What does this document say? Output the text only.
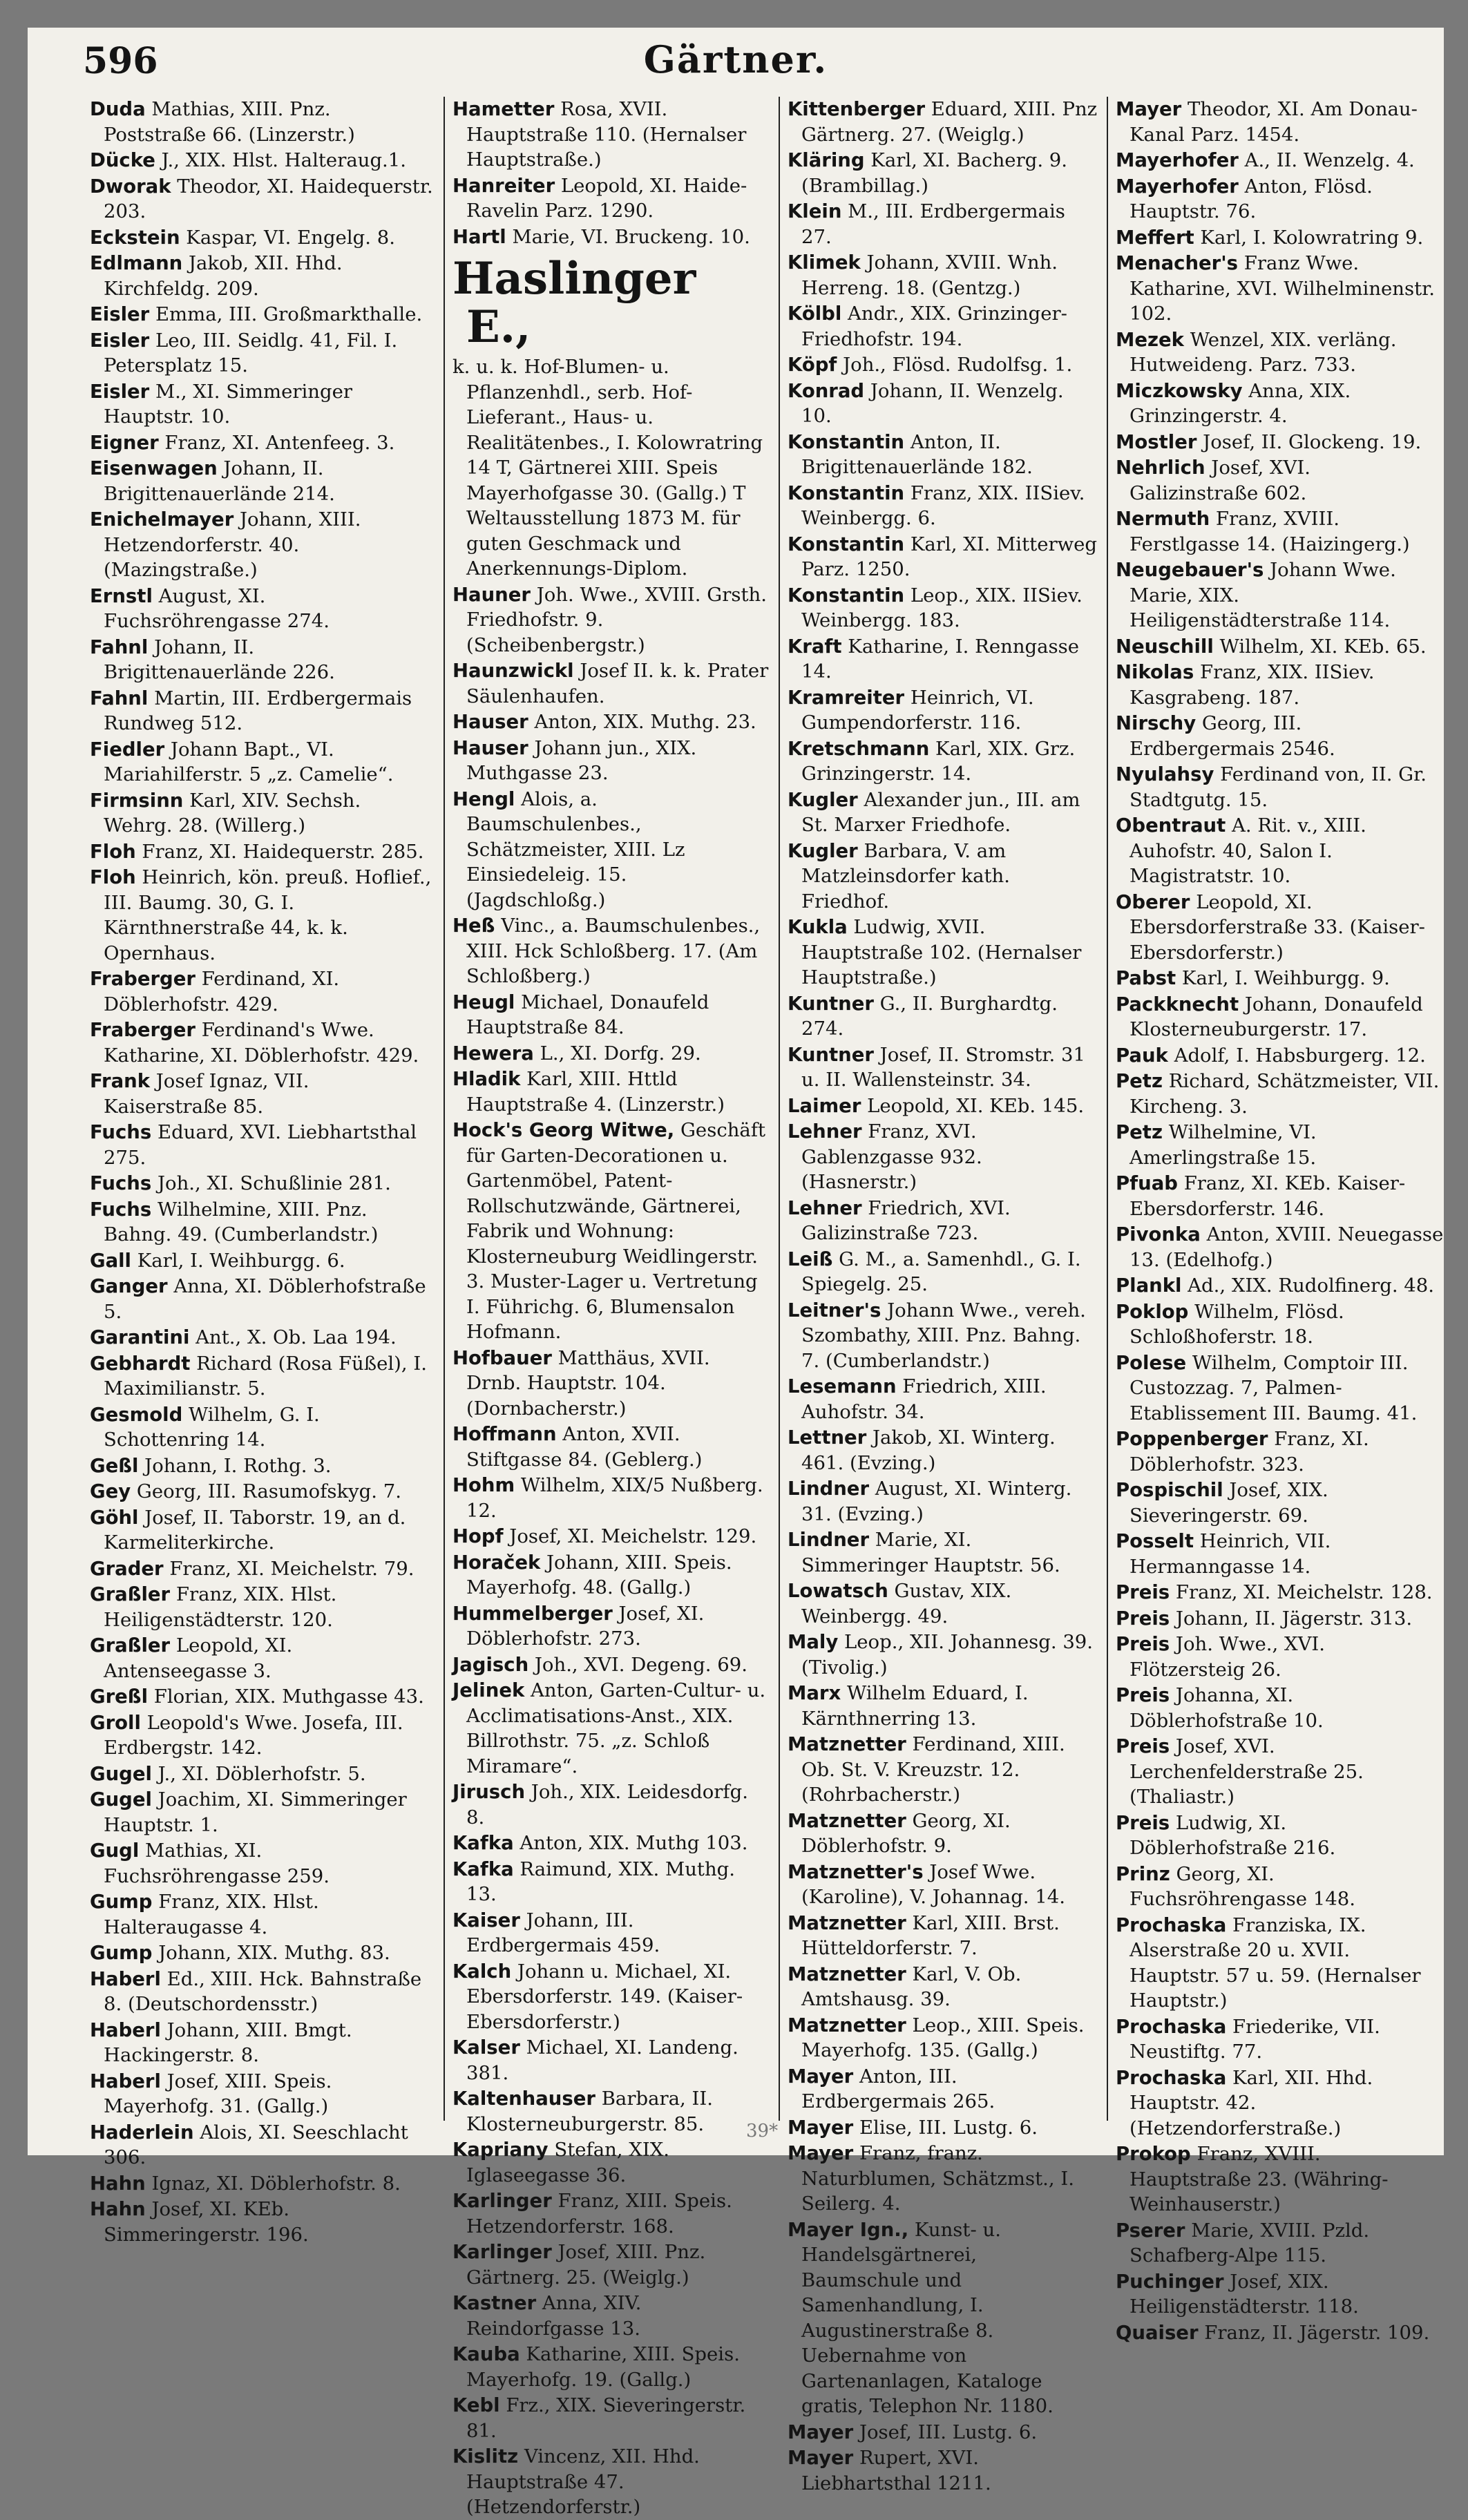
596	Gärtner.
Duda Mathias, XIII. Pnz. Poststraße 66. (Linzerstr.)
Dücke J., XIX. Hlst. Halteraug.1.
Dworak Theodor, XI. Haidequerstr. 203.
Eckstein Kaspar, VI. Engelg. 8.
Edlmann Jakob, XII. Hhd. Kirchfeldg. 209.
Eisler Emma, III. Großmarkthalle.
Eisler Leo, III. Seidlg. 41, Fil. I. Petersplatz 15.
Eisler M., XI. Simmeringer Hauptstr. 10.
Eigner Franz, XI. Antenfeeg. 3.
Eisenwagen Johann, II. Brigittenauerlände 214.
Enichelmayer Johann, XIII. Hetzendorferstr. 40. (Mazingstraße.)
Ernstl August, XI. Fuchsröhrengasse 274.
Fahnl Johann, II. Brigittenauerlände 226.
Fahnl Martin, III. Erdbergermais Rundweg 512.
Fiedler Johann Bapt., VI. Mariahilferstr. 5 „z. Camelie“.
Firmsinn Karl, XIV. Sechsh. Wehrg. 28. (Willerg.)
Floh Franz, XI. Haidequerstr. 285.
Floh Heinrich, kön. preuß. Hoflief., III. Baumg. 30, G. I. Kärnthnerstraße 44, k. k. Opernhaus.
Fraberger Ferdinand, XI. Döblerhofstr. 429.
Fraberger Ferdinand's Wwe. Katharine, XI. Döblerhofstr. 429.
Frank Josef Ignaz, VII. Kaiserstraße 85.
Fuchs Eduard, XVI. Liebhartsthal 275.
Fuchs Joh., XI. Schußlinie 281.
Fuchs Wilhelmine, XIII. Pnz. Bahng. 49. (Cumberlandstr.)
Gall Karl, I. Weihburgg. 6.
Ganger Anna, XI. Döblerhofstraße 5.
Garantini Ant., X. Ob. Laa 194.
Gebhardt Richard (Rosa Füßel), I. Maximilianstr. 5.
Gesmold Wilhelm, G. I. Schottenring 14.
Geßl Johann, I. Rothg. 3.
Gey Georg, III. Rasumofskyg. 7.
Göhl Josef, II. Taborstr. 19, an d. Karmeliterkirche.
Grader Franz, XI. Meichelstr. 79.
Graßler Franz, XIX. Hlst. Heiligenstädterstr. 120.
Graßler Leopold, XI. Antenseegasse 3.
Greßl Florian, XIX. Muthgasse 43.
Groll Leopold's Wwe. Josefa, III. Erdbergstr. 142.
Gugel J., XI. Döblerhofstr. 5.
Gugel Joachim, XI. Simmeringer Hauptstr. 1.
Gugl Mathias, XI. Fuchsröhrengasse 259.
Gump Franz, XIX. Hlst. Halteraugasse 4.
Gump Johann, XIX. Muthg. 83.
Haberl Ed., XIII. Hck. Bahnstraße 8. (Deutschordensstr.)
Haberl Johann, XIII. Bmgt. Hackingerstr. 8.
Haberl Josef, XIII. Speis. Mayerhofg. 31. (Gallg.)
Haderlein Alois, XI. Seeschlacht 306.
Hahn Ignaz, XI. Döblerhofstr. 8.
Hahn Josef, XI. KEb. Simmeringerstr. 196.
Hametter Rosa, XVII. Hauptstraße 110. (Hernalser Hauptstraße.)
Hanreiter Leopold, XI. Haide-Ravelin Parz. 1290.
Hartl Marie, VI. Bruckeng. 10.
Haslinger E.,
k. u. k. Hof-Blumen- u. Pflanzenhdl., serb. Hof-Lieferant., Haus- u. Realitätenbes., I. Kolowratring 14 T, Gärtnerei XIII. Speis Mayerhofgasse 30. (Gallg.) T Weltausstellung 1873 M. für guten Geschmack und Anerkennungs-Diplom.
Hauner Joh. Wwe., XVIII. Grsth. Friedhofstr. 9. (Scheibenbergstr.)
Haunzwickl Josef II. k. k. Prater Säulenhaufen.
Hauser Anton, XIX. Muthg. 23.
Hauser Johann jun., XIX. Muthgasse 23.
Hengl Alois, a. Baumschulenbes., Schätzmeister, XIII. Lz Einsiedeleig. 15. (Jagdschloßg.)
Heß Vinc., a. Baumschulenbes., XIII. Hck Schloßberg. 17. (Am Schloßberg.)
Heugl Michael, Donaufeld Hauptstraße 84.
Hewera L., XI. Dorfg. 29.
Hladik Karl, XIII. Httld Hauptstraße 4. (Linzerstr.)
Hock's Georg Witwe, Geschäft für Garten-Decorationen u. Gartenmöbel, Patent-Rollschutzwände, Gärtnerei, Fabrik und Wohnung: Klosterneuburg Weidlingerstr. 3. Muster-Lager u. Vertretung I. Führichg. 6, Blumensalon Hofmann.
Hofbauer Matthäus, XVII. Drnb. Hauptstr. 104. (Dornbacherstr.)
Hoffmann Anton, XVII. Stiftgasse 84. (Geblerg.)
Hohm Wilhelm, XIX/5 Nußberg. 12.
Hopf Josef, XI. Meichelstr. 129.
Horaček Johann, XIII. Speis. Mayerhofg. 48. (Gallg.)
Hummelberger Josef, XI. Döblerhofstr. 273.
Jagisch Joh., XVI. Degeng. 69.
Jelinek Anton, Garten-Cultur- u. Acclimatisations-Anst., XIX. Billrothstr. 75. „z. Schloß Miramare“.
Jirusch Joh., XIX. Leidesdorfg. 8.
Kafka Anton, XIX. Muthg 103.
Kafka Raimund, XIX. Muthg. 13.
Kaiser Johann, III. Erdbergermais 459.
Kalch Johann u. Michael, XI. Ebersdorferstr. 149. (Kaiser-Ebersdorferstr.)
Kalser Michael, XI. Landeng. 381.
Kaltenhauser Barbara, II. Klosterneuburgerstr. 85.
Kapriany Stefan, XIX. Iglaseegasse 36.
Karlinger Franz, XIII. Speis. Hetzendorferstr. 168.
Karlinger Josef, XIII. Pnz. Gärtnerg. 25. (Weiglg.)
Kastner Anna, XIV. Reindorfgasse 13.
Kauba Katharine, XIII. Speis. Mayerhofg. 19. (Gallg.)
Kebl Frz., XIX. Sieveringerstr. 81.
Kislitz Vincenz, XII. Hhd. Hauptstraße 47. (Hetzendorferstr.)
Kittenberger Eduard, XIII. Pnz Gärtnerg. 27. (Weiglg.)
Kläring Karl, XI. Bacherg. 9. (Brambillag.)
Klein M., III. Erdbergermais 27.
Klimek Johann, XVIII. Wnh. Herreng. 18. (Gentzg.)
Kölbl Andr., XIX. Grinzinger-Friedhofstr. 194.
Köpf Joh., Flösd. Rudolfsg. 1.
Konrad Johann, II. Wenzelg. 10.
Konstantin Anton, II. Brigittenauerlände 182.
Konstantin Franz, XIX. IISiev. Weinbergg. 6.
Konstantin Karl, XI. Mitterweg Parz. 1250.
Konstantin Leop., XIX. IISiev. Weinbergg. 183.
Kraft Katharine, I. Renngasse 14.
Kramreiter Heinrich, VI. Gumpendorferstr. 116.
Kretschmann Karl, XIX. Grz. Grinzingerstr. 14.
Kugler Alexander jun., III. am St. Marxer Friedhofe.
Kugler Barbara, V. am Matzleinsdorfer kath. Friedhof.
Kukla Ludwig, XVII. Hauptstraße 102. (Hernalser Hauptstraße.)
Kuntner G., II. Burghardtg. 274.
Kuntner Josef, II. Stromstr. 31 u. II. Wallensteinstr. 34.
Laimer Leopold, XI. KEb. 145.
Lehner Franz, XVI. Gablenzgasse 932. (Hasnerstr.)
Lehner Friedrich, XVI. Galizinstraße 723.
Leiß G. M., a. Samenhdl., G. I. Spiegelg. 25.
Leitner's Johann Wwe., verеh. Szombathy, XIII. Pnz. Bahng. 7. (Cumberlandstr.)
Lesemann Friedrich, XIII. Auhofstr. 34.
Lettner Jakob, XI. Winterg. 461. (Evzing.)
Lindner August, XI. Winterg. 31. (Evzing.)
Lindner Marie, XI. Simmeringer Hauptstr. 56.
Lowatsch Gustav, XIX. Weinbergg. 49.
Maly Leop., XII. Johannesg. 39. (Tivolig.)
Marx Wilhelm Eduard, I. Kärnthnerring 13.
Matznetter Ferdinand, XIII. Ob. St. V. Kreuzstr. 12. (Rohrbacherstr.)
Matznetter Georg, XI. Döblerhofstr. 9.
Matznetter's Josef Wwe. (Karoline), V. Johannag. 14.
Matznetter Karl, XIII. Brst. Hütteldorferstr. 7.
Matznetter Karl, V. Ob. Amtshausg. 39.
Matznetter Leop., XIII. Speis. Mayerhofg. 135. (Gallg.)
Mayer Anton, III. Erdbergermais 265.
Mayer Elise, III. Lustg. 6.
Mayer Franz, franz. Naturblumen, Schätzmst., I. Seilerg. 4.
Mayer Ign., Kunst- u. Handelsgärtnerei, Baumschule und Samenhandlung, I. Augustinerstraße 8. Uebernahme von Gartenanlagen, Kataloge gratis, Telephon Nr. 1180.
Mayer Josef, III. Lustg. 6.
Mayer Rupert, XVI. Liebhartsthal 1211.
Mayer Theodor, XI. Am Donau-Kanal Parz. 1454.
Mayerhofer A., II. Wenzelg. 4.
Mayerhofer Anton, Flösd. Hauptstr. 76.
Meffert Karl, I. Kolowratring 9.
Menacher's Franz Wwe. Katharine, XVI. Wilhelminenstr. 102.
Mezek Wenzel, XIX. verläng. Hutweideng. Parz. 733.
Miczkowsky Anna, XIX. Grinzingerstr. 4.
Mostler Josef, II. Glockeng. 19.
Nehrlich Josef, XVI. Galizinstraße 602.
Nermuth Franz, XVIII. Ferstlgasse 14. (Haizingerg.)
Neugebauer's Johann Wwe. Marie, XIX. Heiligenstädterstraße 114.
Neuschill Wilhelm, XI. KEb. 65.
Nikolas Franz, XIX. IISiev. Kasgrabeng. 187.
Nirschy Georg, III. Erdbergermais 2546.
Nyulahsy Ferdinand von, II. Gr. Stadtgutg. 15.
Obentraut A. Rit. v., XIII. Auhofstr. 40, Salon I. Magistratstr. 10.
Oberer Leopold, XI. Ebersdorferstraße 33. (Kaiser-Ebersdorferstr.)
Pabst Karl, I. Weihburgg. 9.
Packknecht Johann, Donaufeld Klosterneuburgerstr. 17.
Pauk Adolf, I. Habsburgerg. 12.
Petz Richard, Schätzmeister, VII. Kircheng. 3.
Petz Wilhelmine, VI. Amerlingstraße 15.
Pfuab Franz, XI. KEb. Kaiser-Ebersdorferstr. 146.
Pivonka Anton, XVIII. Neuegasse 13. (Edelhofg.)
Plankl Ad., XIX. Rudolfinerg. 48.
Poklop Wilhelm, Flösd. Schloßhoferstr. 18.
Polese Wilhelm, Comptoir III. Custozzag. 7, Palmen-Etablissement III. Baumg. 41.
Poppenberger Franz, XI. Döblerhofstr. 323.
Pospischil Josef, XIX. Sieveringerstr. 69.
Posselt Heinrich, VII. Hermanngasse 14.
Preis Franz, XI. Meichelstr. 128.
Preis Johann, II. Jägerstr. 313.
Preis Joh. Wwe., XVI. Flötzersteig 26.
Preis Johanna, XI. Döblerhofstraße 10.
Preis Josef, XVI. Lerchenfelderstraße 25. (Thaliastr.)
Preis Ludwig, XI. Döblerhofstraße 216.
Prinz Georg, XI. Fuchsröhrengasse 148.
Prochaska Franziska, IX. Alserstraße 20 u. XVII. Hauptstr. 57 u. 59. (Hernalser Hauptstr.)
Prochaska Friederike, VII. Neustiftg. 77.
Prochaska Karl, XII. Hhd. Hauptstr. 42. (Hetzendorferstraße.)
Prokop Franz, XVIII. Hauptstraße 23. (Währing-Weinhauserstr.)
Pserer Marie, XVIII. Pzld. Schafberg-Alpe 115.
Puchinger Josef, XIX. Heiligenstädterstr. 118.
Quaiser Franz, II. Jägerstr. 109.
39*
